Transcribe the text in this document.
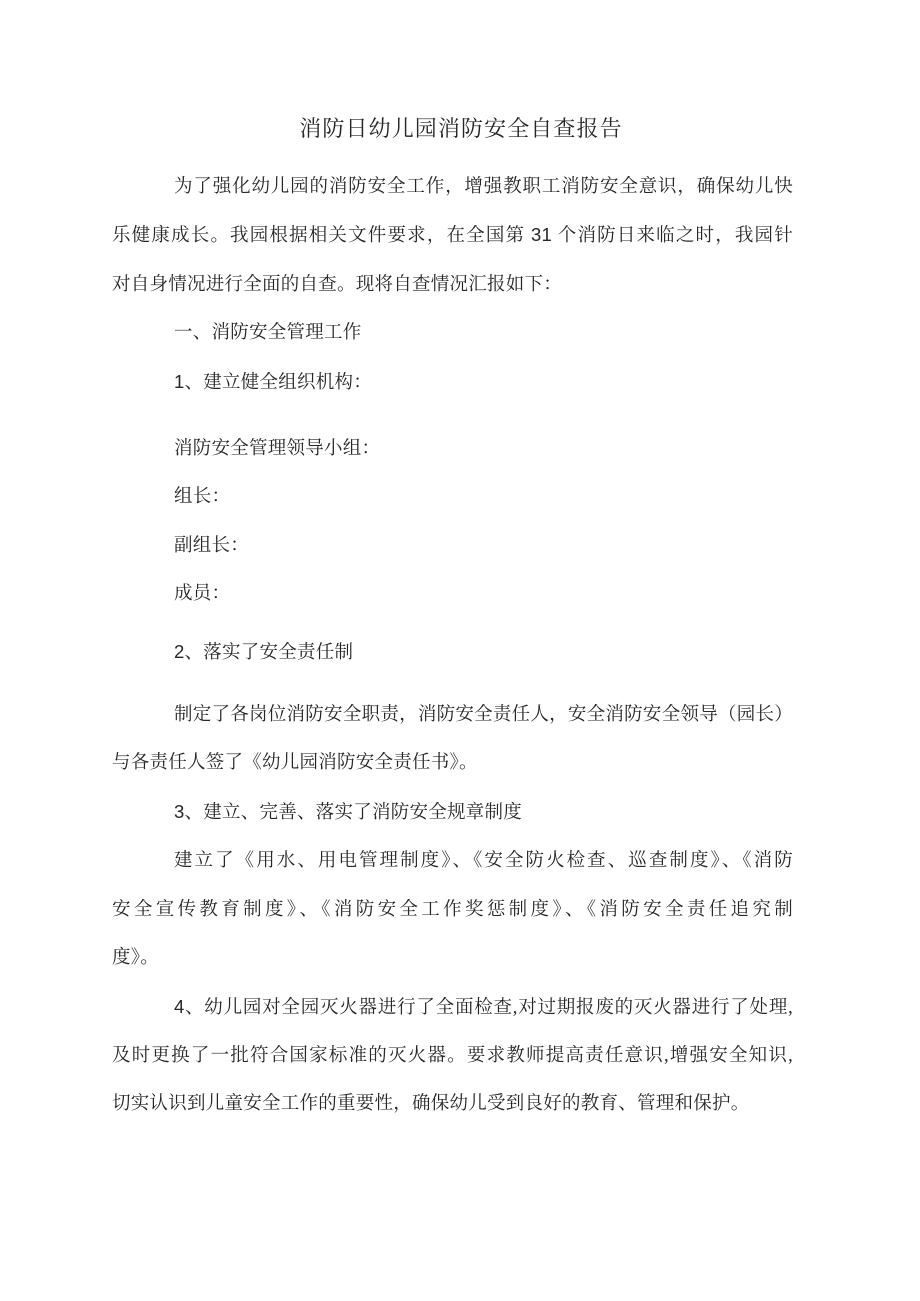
消防日幼儿园消防安全自查报告
为了强化幼儿园的消防安全工作，增强教职工消防安全意识，确保幼儿快
乐健康成长。我园根据相关文件要求，在全国第 31 个消防日来临之时，我园针
对自身情况进行全面的自查。现将自查情况汇报如下：
一、消防安全管理工作
1、建立健全组织机构：
消防安全管理领导小组：
组长：
副组长：
成员：
2、落实了安全责任制
制定了各岗位消防安全职责，消防安全责任人，安全消防安全领导（园长）
与各责任人签了《幼儿园消防安全责任书》。
3、建立、完善、落实了消防安全规章制度
建立了《用水、用电管理制度》、《安全防火检查、巡查制度》、《消防
安全宣传教育制度》、《消防安全工作奖惩制度》、《消防安全责任追究制
度》。
4、幼儿园对全园灭火器进行了全面检查,对过期报废的灭火器进行了处理,
及时更换了一批符合国家标准的灭火器。要求教师提高责任意识,增强安全知识,
切实认识到儿童安全工作的重要性，确保幼儿受到良好的教育、管理和保护。
